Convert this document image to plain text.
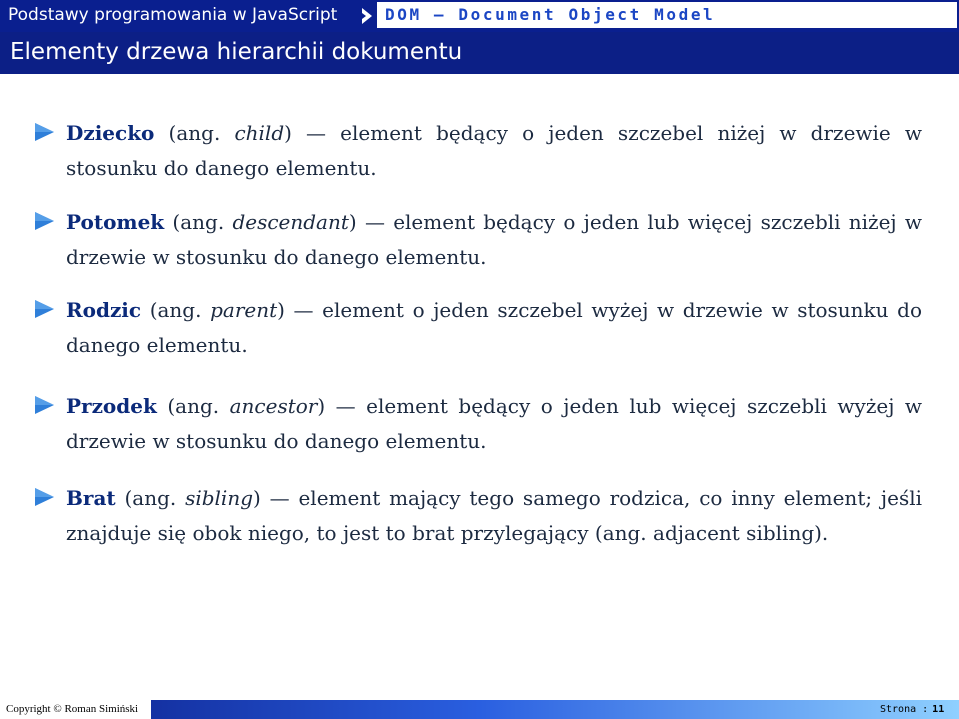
Podstawy programowania w JavaScript	DOM — Document Object Model
Elementy drzewa hierarchii dokumentu

Dziecko (ang. child) — element będący o jeden szczebel niżej w drzewie w stosunku do danego elementu.

Potomek (ang. descendant) — element będący o jeden lub więcej szczebli niżej w drzewie w stosunku do danego elementu.

Rodzic (ang. parent) — element o jeden szczebel wyżej w drzewie w stosunku do danego elementu.

Przodek (ang. ancestor) — element będący o jeden lub więcej szczebli wyżej w drzewie w stosunku do danego elementu.

Brat (ang. sibling) — element mający tego samego rodzica, co inny element; jeśli znajduje się obok niego, to jest to brat przylegający (ang. adjacent sibling).

Copyright © Roman Simiński	Strona : 11
